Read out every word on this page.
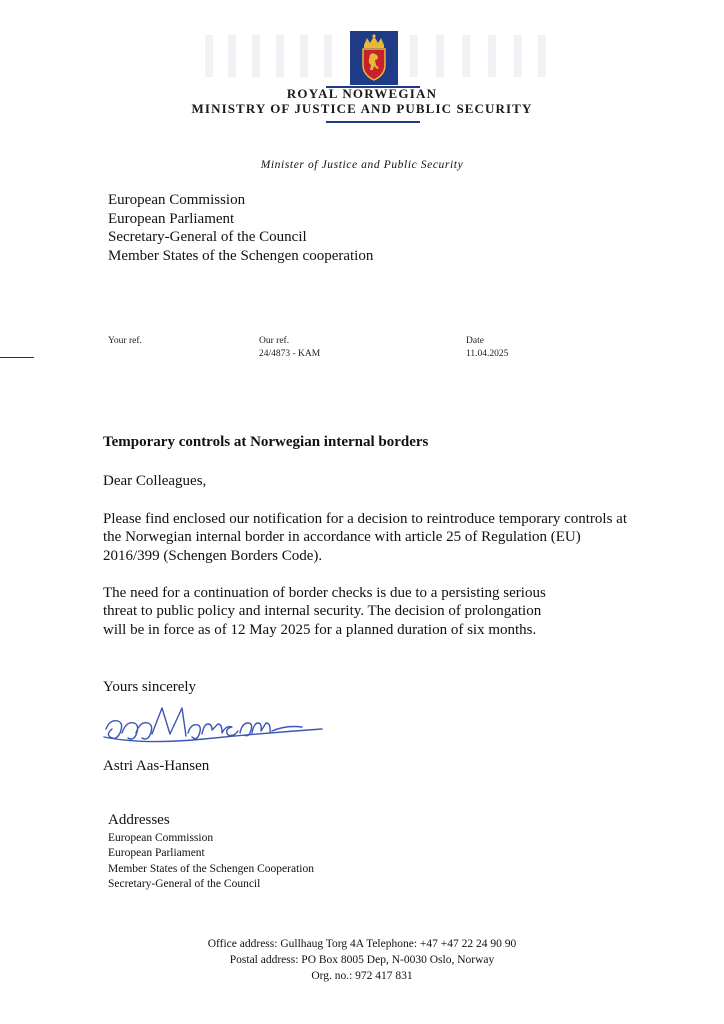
ROYAL NORWEGIAN
MINISTRY OF JUSTICE AND PUBLIC SECURITY
Minister of Justice and Public Security
European Commission
European Parliament
Secretary-General of the Council
Member States of the Schengen cooperation
Your ref.	Our ref.
24/4873 - KAM
Date
11.04.2025
Temporary controls at Norwegian internal borders
Dear Colleagues,
Please find enclosed our notification for a decision to reintroduce temporary controls at
the Norwegian internal border in accordance with article 25 of Regulation (EU)
2016/399 (Schengen Borders Code).
The need for a continuation of border checks is due to a persisting serious
threat to public policy and internal security. The decision of prolongation
will be in force as of 12 May 2025 for a planned duration of six months.
Yours sincerely
Astri Aas-Hansen
Addresses
European Commission
European Parliament
Member States of the Schengen Cooperation
Secretary-General of the Council
Office address: Gullhaug Torg 4A Telephone: +47 +47 22 24 90 90
Postal address: PO Box 8005 Dep, N-0030 Oslo, Norway
Org. no.: 972 417 831
